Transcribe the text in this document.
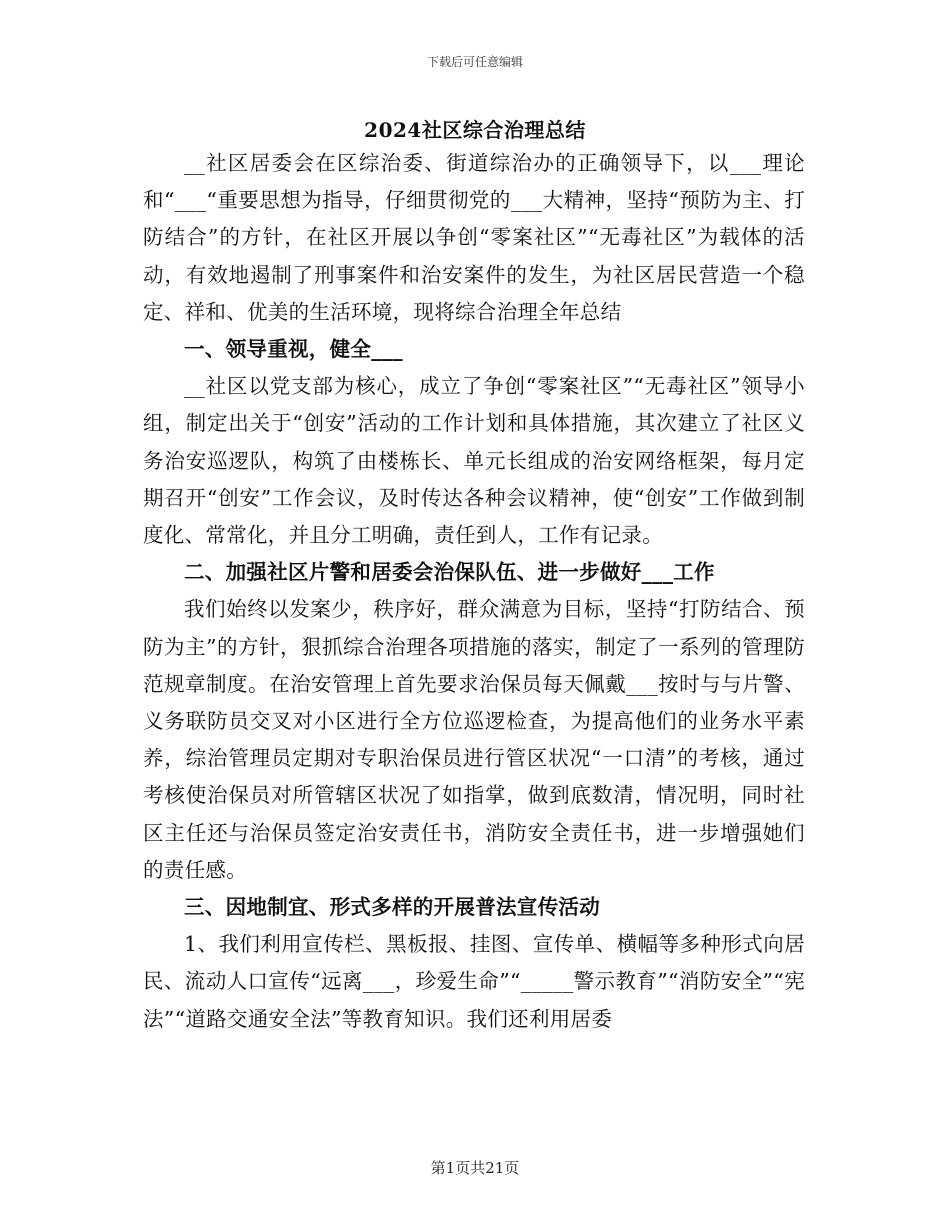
下载后可任意编辑
2024社区综合治理总结

__社区居委会在区综治委、街道综治办的正确领导下，以___理论和“___“重要思想为指导，仔细贯彻党的___大精神，坚持“预防为主、打防结合”的方针，在社区开展以争创“零案社区”“无毒社区”为载体的活动，有效地遏制了刑事案件和治安案件的发生，为社区居民营造一个稳定、祥和、优美的生活环境，现将综合治理全年总结

一、领导重视，健全___

__社区以党支部为核心，成立了争创“零案社区”“无毒社区”领导小组，制定出关于“创安”活动的工作计划和具体措施，其次建立了社区义务治安巡逻队，构筑了由楼栋长、单元长组成的治安网络框架，每月定期召开“创安”工作会议，及时传达各种会议精神，使“创安”工作做到制度化、常常化，并且分工明确，责任到人，工作有记录。

二、加强社区片警和居委会治保队伍、进一步做好___工作

我们始终以发案少，秩序好，群众满意为目标，坚持“打防结合、预防为主”的方针，狠抓综合治理各项措施的落实，制定了一系列的管理防范规章制度。在治安管理上首先要求治保员每天佩戴___按时与与片警、义务联防员交叉对小区进行全方位巡逻检查，为提高他们的业务水平素养，综治管理员定期对专职治保员进行管区状况“一口清”的考核，通过考核使治保员对所管辖区状况了如指掌，做到底数清，情况明，同时社区主任还与治保员签定治安责任书，消防安全责任书，进一步增强她们的责任感。

三、因地制宜、形式多样的开展普法宣传活动

1、我们利用宣传栏、黑板报、挂图、宣传单、横幅等多种形式向居民、流动人口宣传“远离___，珍爱生命”“_____警示教育”“消防安全”“宪法”“道路交通安全法”等教育知识。我们还利用居委

第1页共21页
